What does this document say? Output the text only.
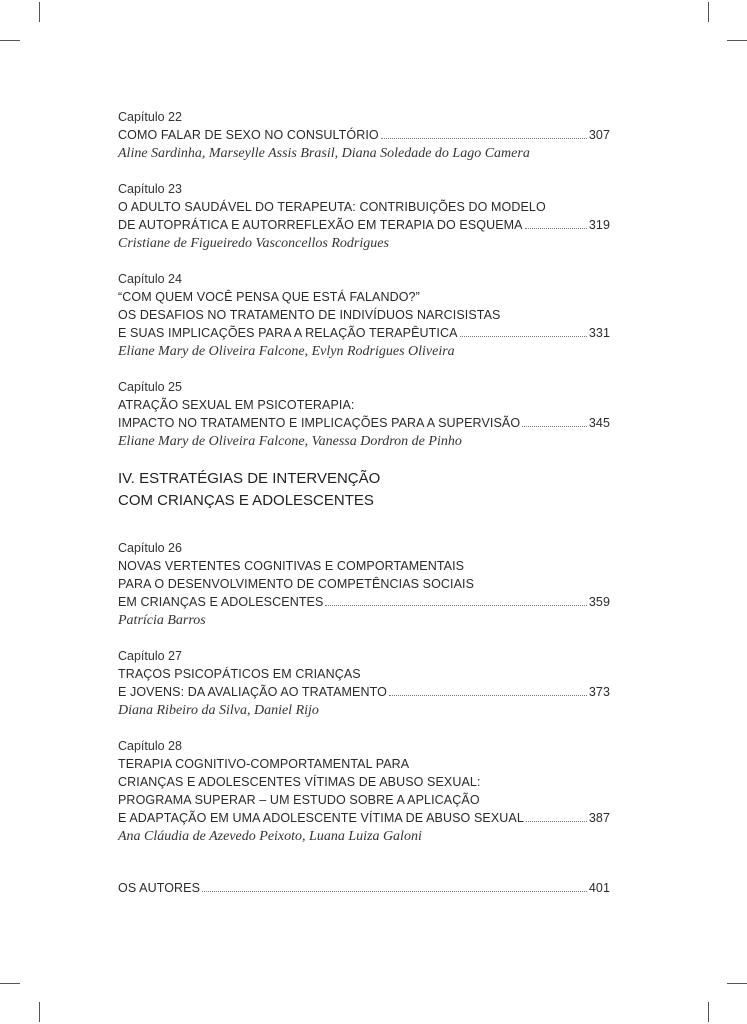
Capítulo 22
COMO FALAR DE SEXO NO CONSULTÓRIO	307
Aline Sardinha, Marseylle Assis Brasil, Diana Soledade do Lago Camera
Capítulo 23
O ADULTO SAUDÁVEL DO TERAPEUTA: CONTRIBUIÇÕES DO MODELO
DE AUTOPRÁTICA E AUTORREFLEXÃO EM TERAPIA DO ESQUEMA	319
Cristiane de Figueiredo Vasconcellos Rodrigues
Capítulo 24
“COM QUEM VOCÊ PENSA QUE ESTÁ FALANDO?”
OS DESAFIOS NO TRATAMENTO DE INDIVÍDUOS NARCISISTAS
E SUAS IMPLICAÇÕES PARA A RELAÇÃO TERAPÊUTICA	331
Eliane Mary de Oliveira Falcone, Evlyn Rodrigues Oliveira
Capítulo 25
ATRAÇÃO SEXUAL EM PSICOTERAPIA:
IMPACTO NO TRATAMENTO E IMPLICAÇÕES PARA A SUPERVISÃO	345
Eliane Mary de Oliveira Falcone, Vanessa Dordron de Pinho
IV. ESTRATÉGIAS DE INTERVENÇÃO
COM CRIANÇAS E ADOLESCENTES
Capítulo 26
NOVAS VERTENTES COGNITIVAS E COMPORTAMENTAIS
PARA O DESENVOLVIMENTO DE COMPETÊNCIAS SOCIAIS
EM CRIANÇAS E ADOLESCENTES	359
Patrícia Barros
Capítulo 27
TRAÇOS PSICOPÁTICOS EM CRIANÇAS
E JOVENS: DA AVALIAÇÃO AO TRATAMENTO	373
Diana Ribeiro da Silva, Daniel Rijo
Capítulo 28
TERAPIA COGNITIVO-COMPORTAMENTAL PARA
CRIANÇAS E ADOLESCENTES VÍTIMAS DE ABUSO SEXUAL:
PROGRAMA SUPERAR – UM ESTUDO SOBRE A APLICAÇÃO
E ADAPTAÇÃO EM UMA ADOLESCENTE VÍTIMA DE ABUSO SEXUAL	387
Ana Cláudia de Azevedo Peixoto, Luana Luiza Galoni
OS AUTORES	401
